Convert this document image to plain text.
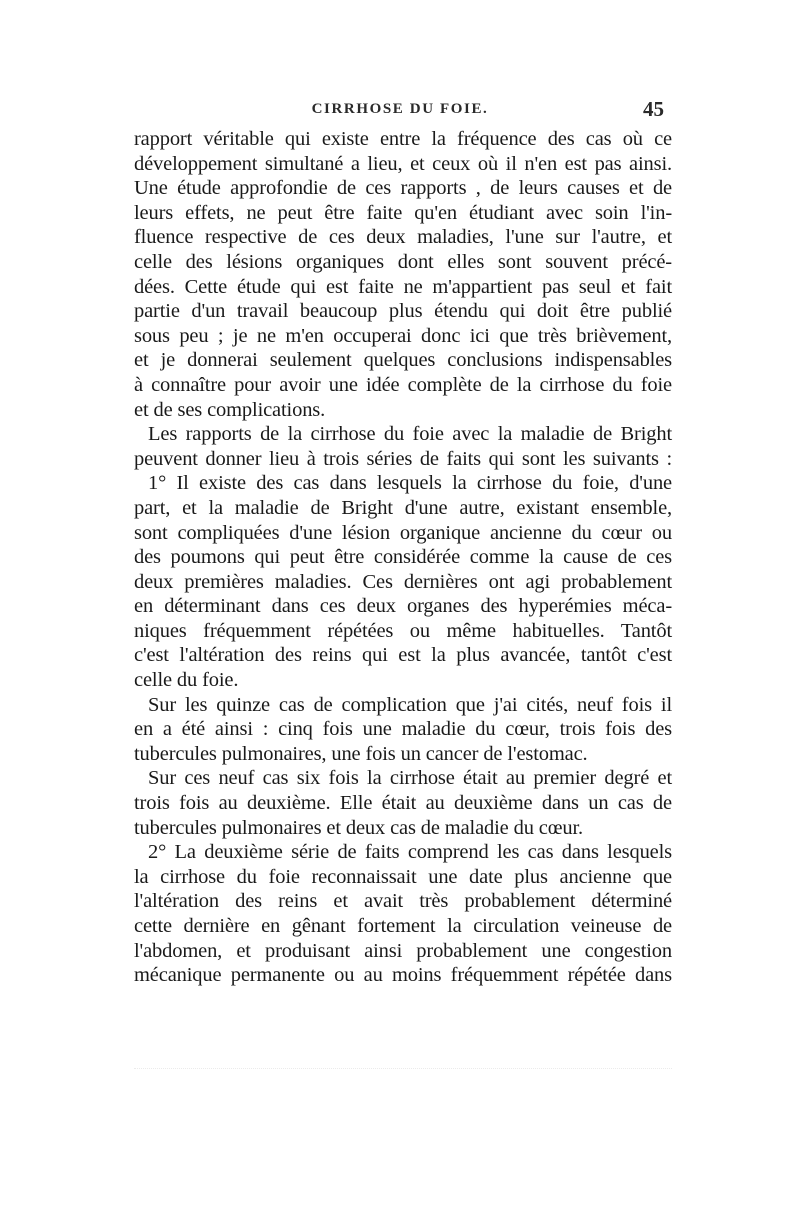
CIRRHOSE DU FOIE.	45
rapport véritable qui existe entre la fréquence des cas où ce
développement simultané a lieu, et ceux où il n'en est pas ainsi.
Une étude approfondie de ces rapports , de leurs causes et de
leurs effets, ne peut être faite qu'en étudiant avec soin l'in-
fluence respective de ces deux maladies, l'une sur l'autre, et
celle des lésions organiques dont elles sont souvent précé-
dées. Cette étude qui est faite ne m'appartient pas seul et fait
partie d'un travail beaucoup plus étendu qui doit être publié
sous peu ; je ne m'en occuperai donc ici que très brièvement,
et je donnerai seulement quelques conclusions indispensables
à connaître pour avoir une idée complète de la cirrhose du foie
et de ses complications.
Les rapports de la cirrhose du foie avec la maladie de Bright
peuvent donner lieu à trois séries de faits qui sont les suivants :
1° Il existe des cas dans lesquels la cirrhose du foie, d'une
part, et la maladie de Bright d'une autre, existant ensemble,
sont compliquées d'une lésion organique ancienne du cœur ou
des poumons qui peut être considérée comme la cause de ces
deux premières maladies. Ces dernières ont agi probablement
en déterminant dans ces deux organes des hyperémies méca-
niques fréquemment répétées ou même habituelles. Tantôt
c'est l'altération des reins qui est la plus avancée, tantôt c'est
celle du foie.
Sur les quinze cas de complication que j'ai cités, neuf fois il
en a été ainsi : cinq fois une maladie du cœur, trois fois des
tubercules pulmonaires, une fois un cancer de l'estomac.
Sur ces neuf cas six fois la cirrhose était au premier degré et
trois fois au deuxième. Elle était au deuxième dans un cas de
tubercules pulmonaires et deux cas de maladie du cœur.
2° La deuxième série de faits comprend les cas dans lesquels
la cirrhose du foie reconnaissait une date plus ancienne que
l'altération des reins et avait très probablement déterminé
cette dernière en gênant fortement la circulation veineuse de
l'abdomen, et produisant ainsi probablement une congestion
mécanique permanente ou au moins fréquemment répétée dans
